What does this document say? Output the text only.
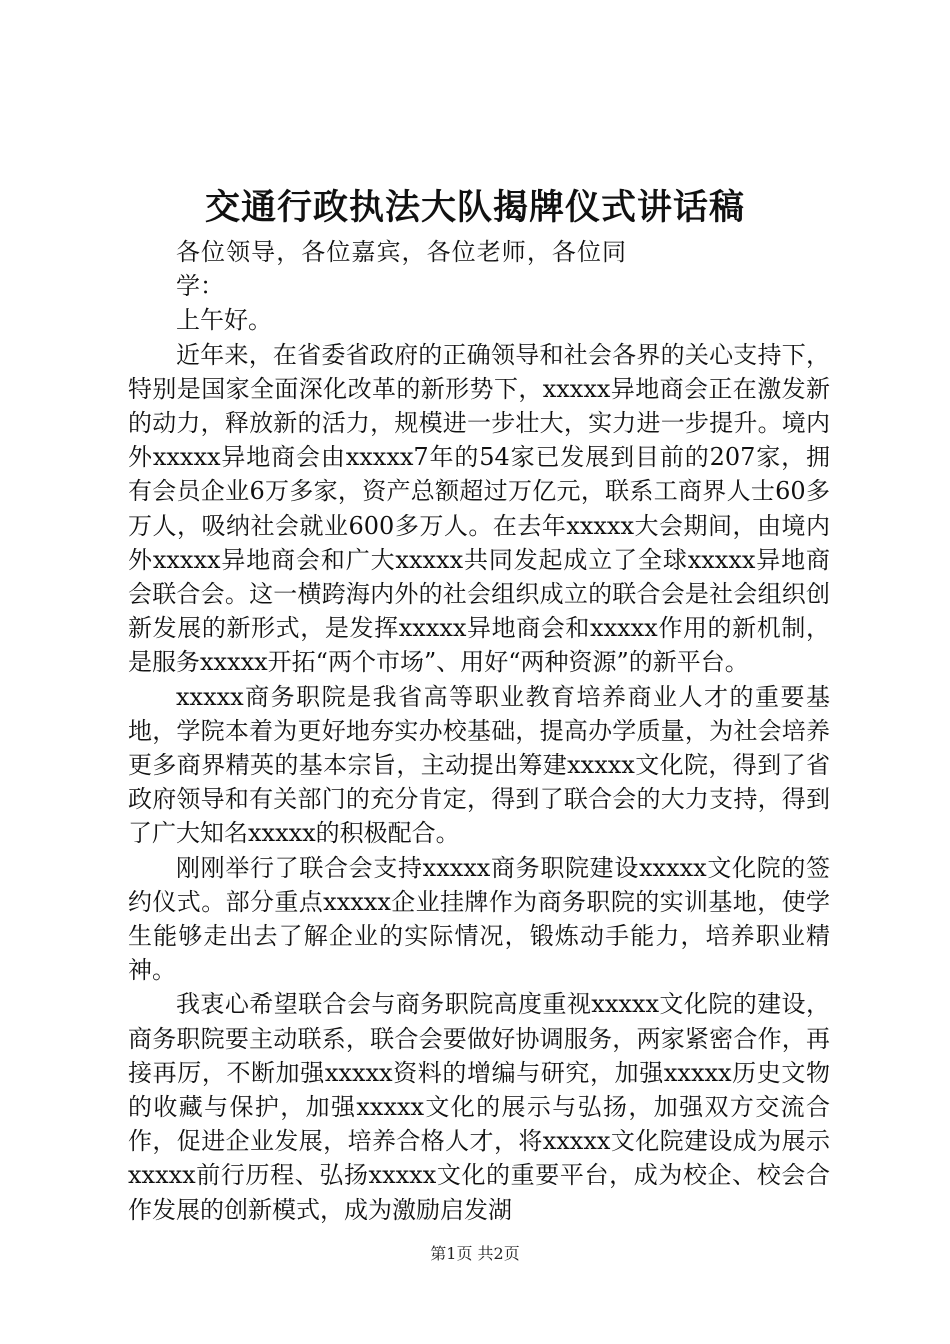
交通行政执法大队揭牌仪式讲话稿

各位领导，各位嘉宾，各位老师，各位同学：

上午好。

近年来，在省委省政府的正确领导和社会各界的关心支持下，特别是国家全面深化改革的新形势下，xxxxx异地商会正在激发新的动力，释放新的活力，规模进一步壮大，实力进一步提升。境内外xxxxx异地商会由xxxxx7年的54家已发展到目前的207家，拥有会员企业6万多家，资产总额超过万亿元，联系工商界人士60多万人，吸纳社会就业600多万人。在去年xxxxx大会期间，由境内外xxxxx异地商会和广大xxxxx共同发起成立了全球xxxxx异地商会联合会。这一横跨海内外的社会组织成立的联合会是社会组织创新发展的新形式，是发挥xxxxx异地商会和xxxxx作用的新机制，是服务xxxxx开拓“两个市场”、用好“两种资源”的新平台。

xxxxx商务职院是我省高等职业教育培养商业人才的重要基地，学院本着为更好地夯实办校基础，提高办学质量，为社会培养更多商界精英的基本宗旨，主动提出筹建xxxxx文化院，得到了省政府领导和有关部门的充分肯定，得到了联合会的大力支持，得到了广大知名xxxxx的积极配合。

刚刚举行了联合会支持xxxxx商务职院建设xxxxx文化院的签约仪式。部分重点xxxxx企业挂牌作为商务职院的实训基地，使学生能够走出去了解企业的实际情况，锻炼动手能力，培养职业精神。

我衷心希望联合会与商务职院高度重视xxxxx文化院的建设，商务职院要主动联系，联合会要做好协调服务，两家紧密合作，再接再厉，不断加强xxxxx资料的增编与研究，加强xxxxx历史文物的收藏与保护，加强xxxxx文化的展示与弘扬，加强双方交流合作，促进企业发展，培养合格人才，将xxxxx文化院建设成为展示xxxxx前行历程、弘扬xxxxx文化的重要平台，成为校企、校会合作发展的创新模式，成为激励启发湖

第1页 共2页
